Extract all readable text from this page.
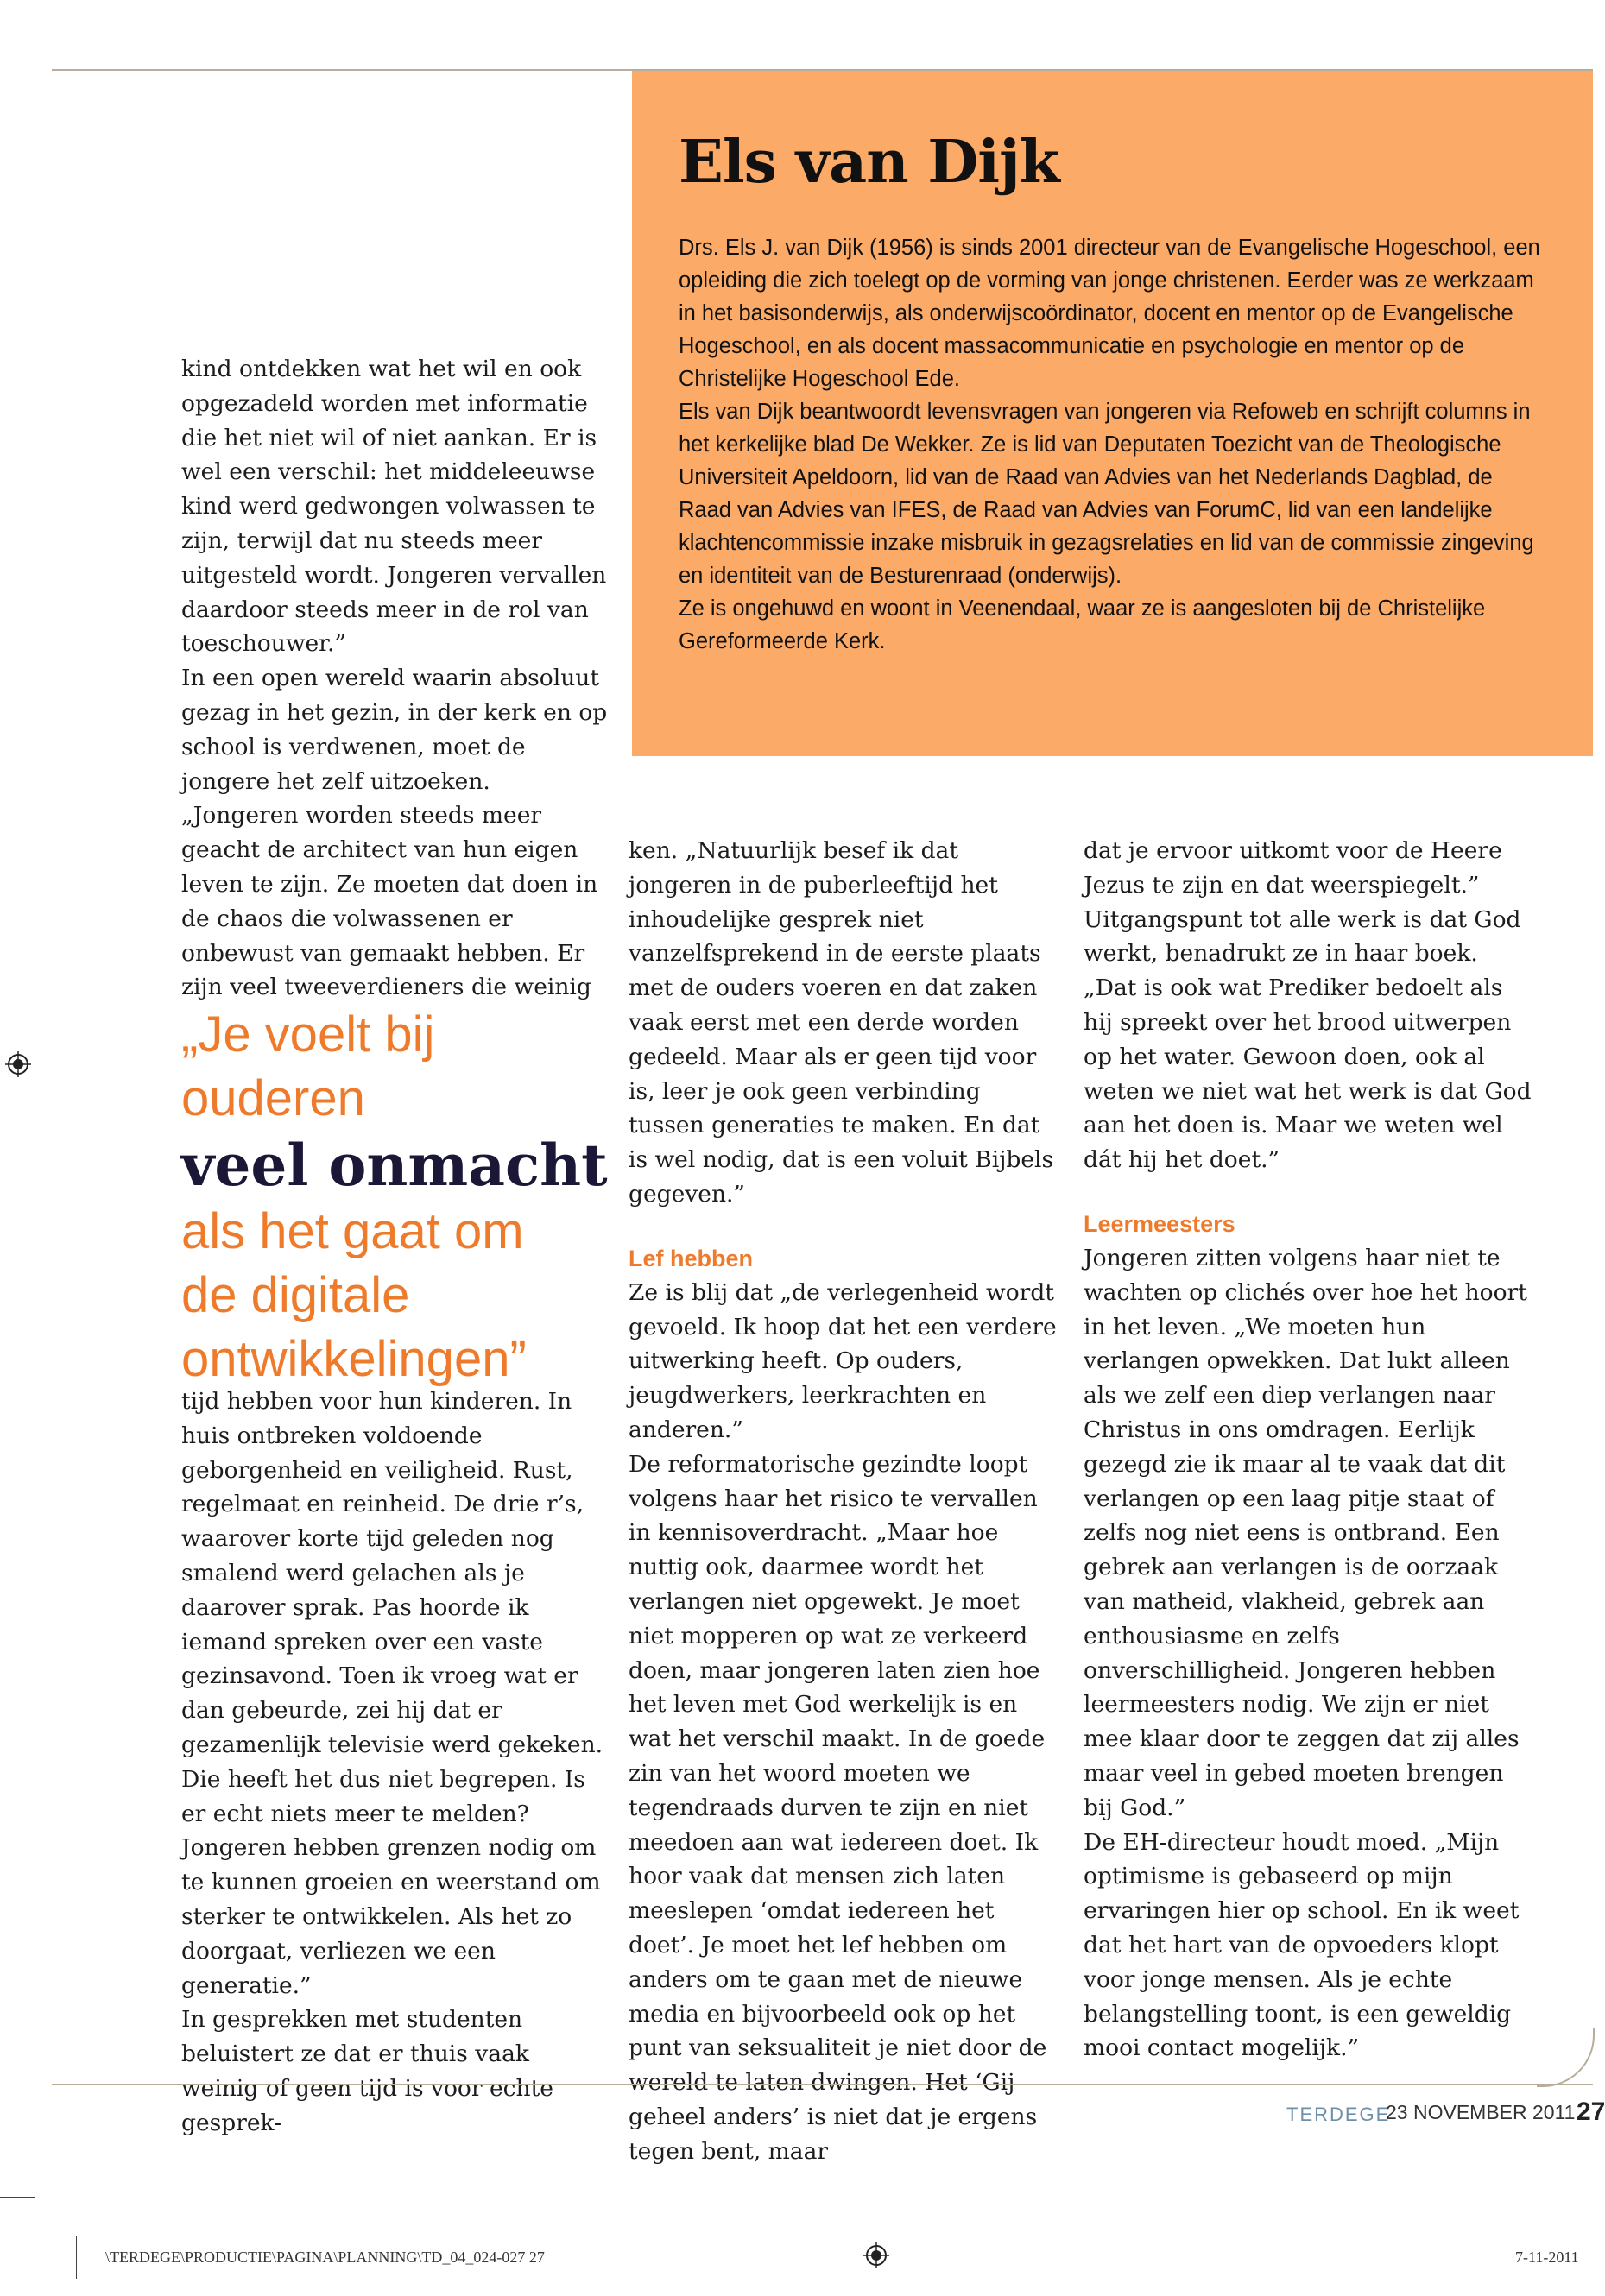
Els van Dijk

Drs. Els J. van Dijk (1956) is sinds 2001 directeur van de Evangelische Hogeschool, een opleiding die zich toelegt op de vorming van jonge christenen. Eerder was ze werkzaam in het basisonderwijs, als onderwijscoördinator, docent en mentor op de Evangelische Hogeschool, en als docent massacommunicatie en psychologie en mentor op de Christelijke Hogeschool Ede.

Els van Dijk beantwoordt levensvragen van jongeren via Refoweb en schrijft columns in het kerkelijke blad De Wekker. Ze is lid van Deputaten Toezicht van de Theologische Universiteit Apeldoorn, lid van de Raad van Advies van het Nederlands Dagblad, de Raad van Advies van IFES, de Raad van Advies van ForumC, lid van een landelijke klachtencommissie inzake misbruik in gezagsrelaties en lid van de commissie zingeving en identiteit van de Besturenraad (onderwijs).

Ze is ongehuwd en woont in Veenendaal, waar ze is aangesloten bij de Christelijke Gereformeerde Kerk.

kind ontdekken wat het wil en ook opgezadeld worden met informatie die het niet wil of niet aankan. Er is wel een verschil: het middeleeuwse kind werd gedwongen volwassen te zijn, terwijl dat nu steeds meer uitgesteld wordt. Jongeren vervallen daardoor steeds meer in de rol van toeschouwer.”

In een open wereld waarin absoluut gezag in het gezin, in der kerk en op school is verdwenen, moet de jongere het zelf uitzoeken. „Jongeren worden steeds meer geacht de architect van hun eigen leven te zijn. Ze moeten dat doen in de chaos die volwassenen er onbewust van gemaakt hebben. Er zijn veel tweeverdieners die weinig

„Je voelt bij ouderen
veel onmacht
als het gaat om
de digitale
ontwikkelingen”

tijd hebben voor hun kinderen. In huis ontbreken voldoende geborgenheid en veiligheid. Rust, regelmaat en reinheid. De drie r’s, waarover korte tijd geleden nog smalend werd gelachen als je daarover sprak. Pas hoorde ik iemand spreken over een vaste gezinsavond. Toen ik vroeg wat er dan gebeurde, zei hij dat er gezamenlijk televisie werd gekeken. Die heeft het dus niet begrepen. Is er echt niets meer te melden? Jongeren hebben grenzen nodig om te kunnen groeien en weerstand om sterker te ontwikkelen. Als het zo doorgaat, verliezen we een generatie.”

In gesprekken met studenten beluistert ze dat er thuis vaak weinig of geen tijd is voor echte gesprek-

ken. „Natuurlijk besef ik dat jongeren in de puberleeftijd het inhoudelijke gesprek niet vanzelfsprekend in de eerste plaats met de ouders voeren en dat zaken vaak eerst met een derde worden gedeeld. Maar als er geen tijd voor is, leer je ook geen verbinding tussen generaties te maken. En dat is wel nodig, dat is een voluit Bijbels gegeven.”

Lef hebben

Ze is blij dat „de verlegenheid wordt gevoeld. Ik hoop dat het een verdere uitwerking heeft. Op ouders, jeugdwerkers, leerkrachten en anderen.”

De reformatorische gezindte loopt volgens haar het risico te vervallen in kennisoverdracht. „Maar hoe nuttig ook, daarmee wordt het verlangen niet opgewekt. Je moet niet mopperen op wat ze verkeerd doen, maar jongeren laten zien hoe het leven met God werkelijk is en wat het verschil maakt. In de goede zin van het woord moeten we tegendraads durven te zijn en niet meedoen aan wat iedereen doet. Ik hoor vaak dat mensen zich laten meeslepen ‘omdat iedereen het doet’. Je moet het lef hebben om anders om te gaan met de nieuwe media en bijvoorbeeld ook op het punt van seksualiteit je niet door de wereld te laten dwingen. Het ‘Gij geheel anders’ is niet dat je ergens tegen bent, maar

dat je ervoor uitkomt voor de Heere Jezus te zijn en dat weerspiegelt.” Uitgangspunt tot alle werk is dat God werkt, benadrukt ze in haar boek. „Dat is ook wat Prediker bedoelt als hij spreekt over het brood uitwerpen op het water. Gewoon doen, ook al weten we niet wat het werk is dat God aan het doen is. Maar we weten wel dát hij het doet.”

Leermeesters

Jongeren zitten volgens haar niet te wachten op clichés over hoe het hoort in het leven. „We moeten hun verlangen opwekken. Dat lukt alleen als we zelf een diep verlangen naar Christus in ons omdragen. Eerlijk gezegd zie ik maar al te vaak dat dit verlangen op een laag pitje staat of zelfs nog niet eens is ontbrand. Een gebrek aan verlangen is de oorzaak van matheid, vlakheid, gebrek aan enthousiasme en zelfs onverschilligheid. Jongeren hebben leermeesters nodig. We zijn er niet mee klaar door te zeggen dat zij alles maar veel in gebed moeten brengen bij God.”

De EH-directeur houdt moed. „Mijn optimisme is gebaseerd op mijn ervaringen hier op school. En ik weet dat het hart van de opvoeders klopt voor jonge mensen. Als je echte belangstelling toont, is een geweldig mooi contact mogelijk.”

TERDEGE
23 NOVEMBER 2011 27
\TERDEGE\PRODUCTIE\PAGINA\PLANNING\TD_04_024-027 27	7-11-2011
